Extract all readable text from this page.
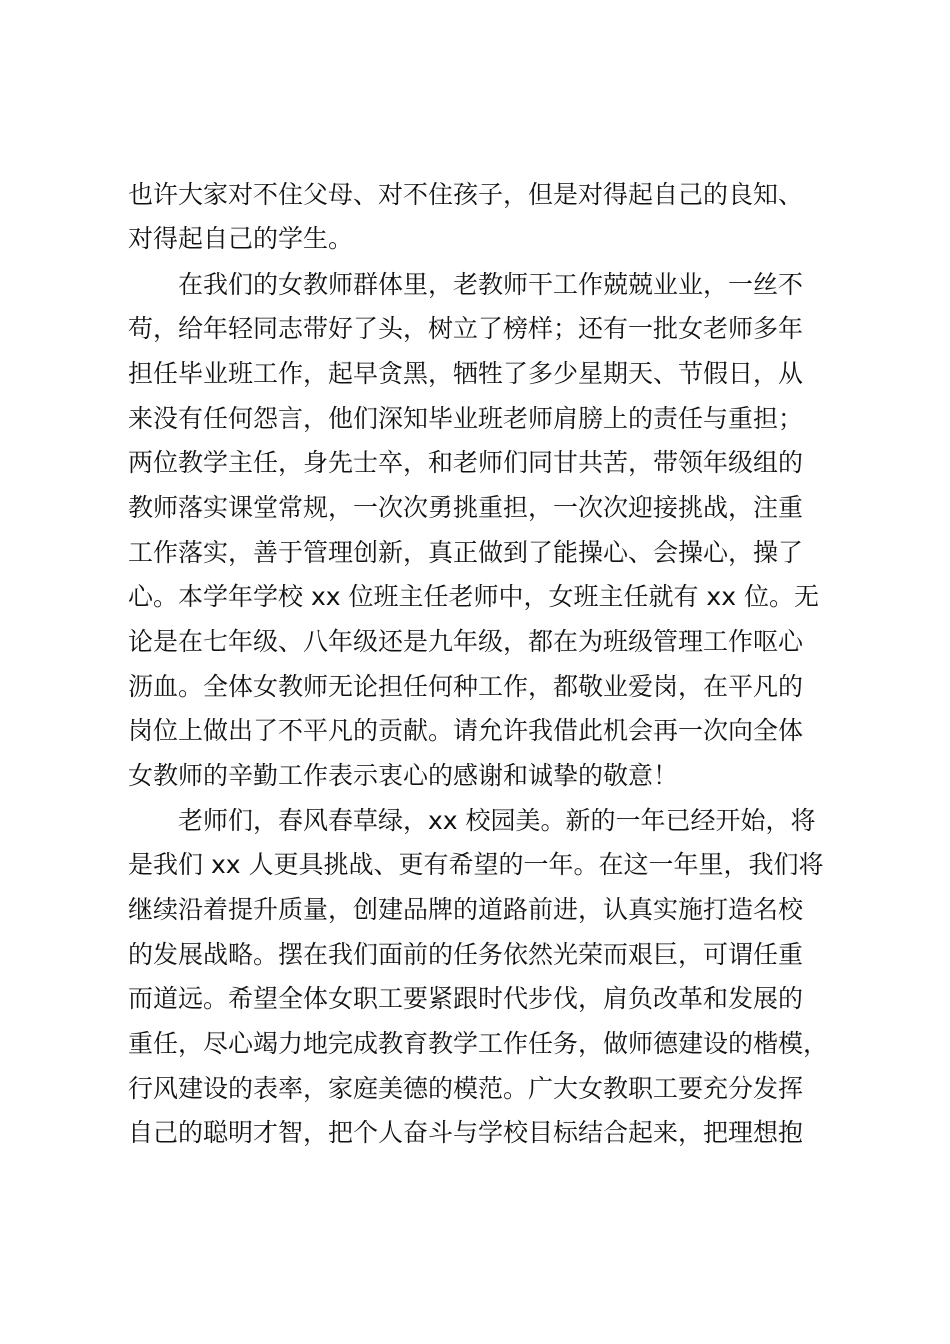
也许大家对不住父母、对不住孩子，但是对得起自己的良知、
对得起自己的学生。
在我们的女教师群体里，老教师干工作兢兢业业，一丝不
苟，给年轻同志带好了头，树立了榜样；还有一批女老师多年
担任毕业班工作，起早贪黑，牺牲了多少星期天、节假日，从
来没有任何怨言，他们深知毕业班老师肩膀上的责任与重担；
两位教学主任，身先士卒，和老师们同甘共苦，带领年级组的
教师落实课堂常规，一次次勇挑重担，一次次迎接挑战，注重
工作落实，善于管理创新，真正做到了能操心、会操心，操了
心。本学年学校 xx 位班主任老师中，女班主任就有 xx 位。无
论是在七年级、八年级还是九年级，都在为班级管理工作呕心
沥血。全体女教师无论担任何种工作，都敬业爱岗，在平凡的
岗位上做出了不平凡的贡献。请允许我借此机会再一次向全体
女教师的辛勤工作表示衷心的感谢和诚挚的敬意！
老师们，春风春草绿，xx 校园美。新的一年已经开始，将
是我们 xx 人更具挑战、更有希望的一年。在这一年里，我们将
继续沿着提升质量，创建品牌的道路前进，认真实施打造名校
的发展战略。摆在我们面前的任务依然光荣而艰巨，可谓任重
而道远。希望全体女职工要紧跟时代步伐，肩负改革和发展的
重任，尽心竭力地完成教育教学工作任务，做师德建设的楷模，
行风建设的表率，家庭美德的模范。广大女教职工要充分发挥
自己的聪明才智，把个人奋斗与学校目标结合起来，把理想抱
